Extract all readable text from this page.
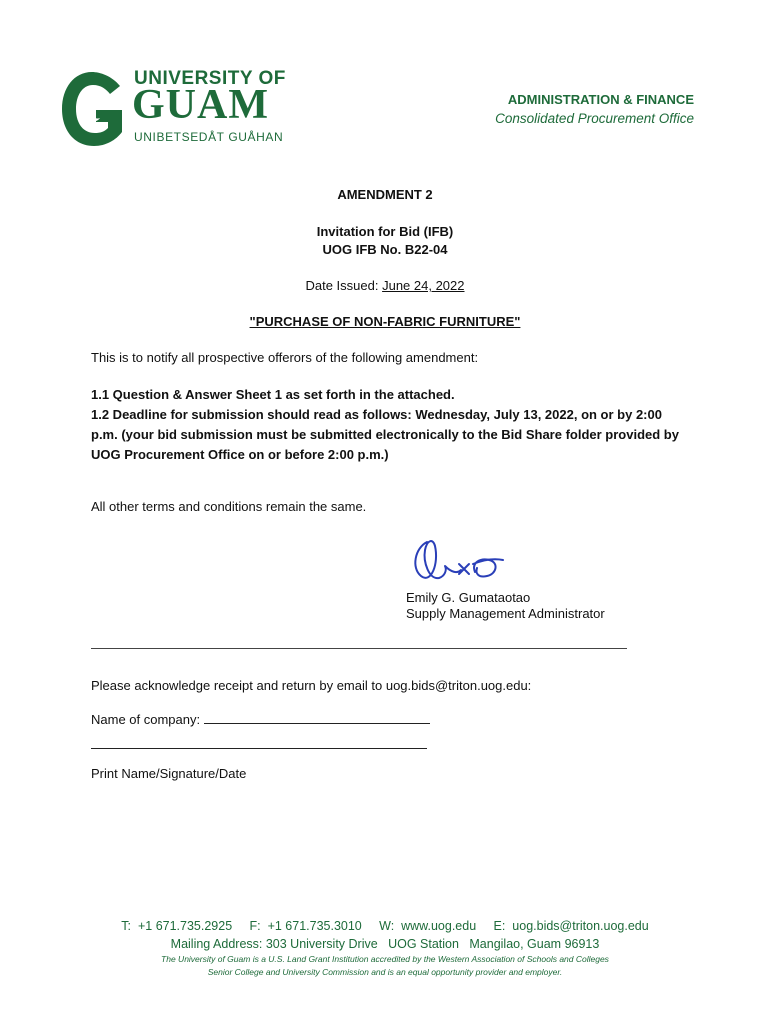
UNIVERSITY OF
GUAM
UNIBETSEDÅT GUÅHAN
ADMINISTRATION & FINANCE
Consolidated Procurement Office
AMENDMENT 2
Invitation for Bid (IFB)
UOG IFB No. B22-04
Date Issued: June 24, 2022
"PURCHASE OF NON-FABRIC FURNITURE"
This is to notify all prospective offerors of the following amendment:
1.1 Question & Answer Sheet 1 as set forth in the attached.
1.2 Deadline for submission should read as follows: Wednesday, July 13, 2022, on or by 2:00 p.m. (your bid submission must be submitted electronically to the Bid Share folder provided by UOG Procurement Office on or before 2:00 p.m.)
All other terms and conditions remain the same.
Emily G. Gumataotao
Supply Management Administrator
Please acknowledge receipt and return by email to uog.bids@triton.uog.edu:
Name of company:
Print Name/Signature/Date
T:  +1 671.735.2925     F:  +1 671.735.3010     W:  www.uog.edu     E:  uog.bids@triton.uog.edu
Mailing Address: 303 University Drive   UOG Station   Mangilao, Guam 96913
The University of Guam is a U.S. Land Grant Institution accredited by the Western Association of Schools and Colleges
Senior College and University Commission and is an equal opportunity provider and employer.
